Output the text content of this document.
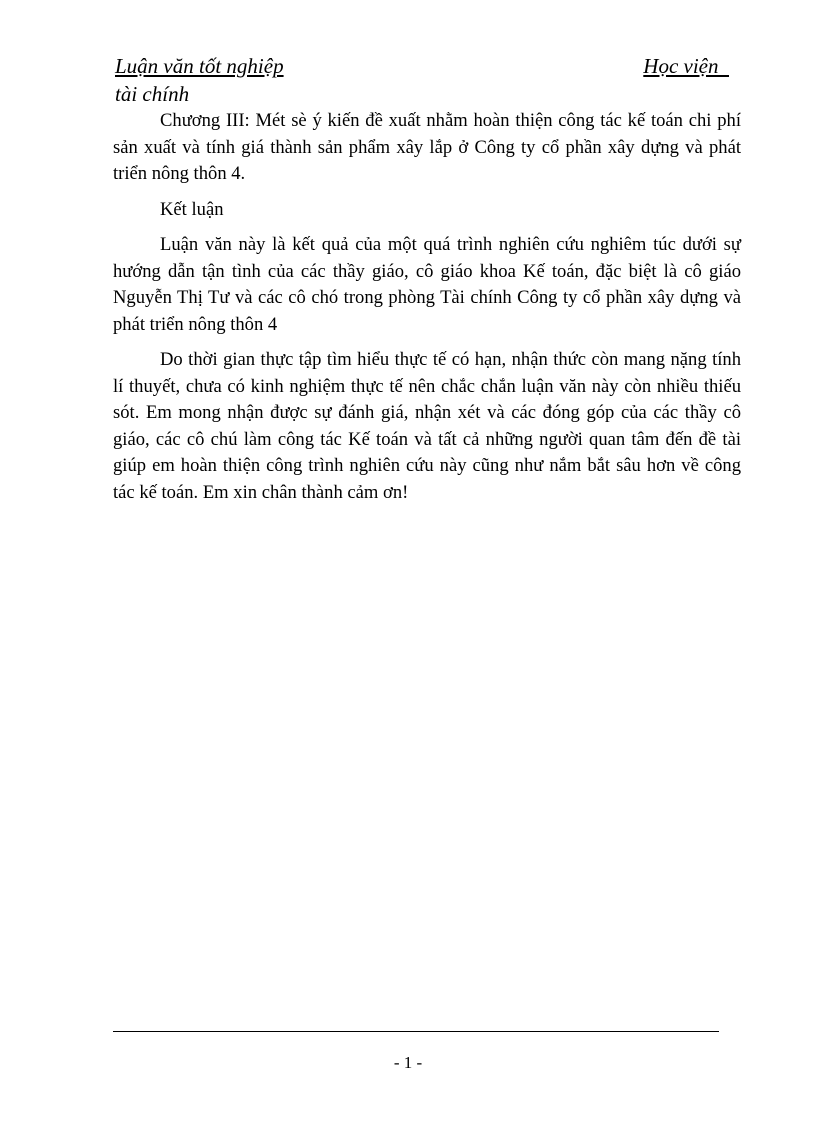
Luận văn tốt nghiệp	Học viện
tài chính

Chương III: Mét sè ý kiến đề xuất nhằm hoàn thiện công tác kế toán chi phí sản xuất và tính giá thành sản phẩm xây lắp ở Công ty cổ phần xây dựng và phát triển nông thôn 4.

Kết luận

Luận văn này là kết quả của một quá trình nghiên cứu nghiêm túc dưới sự hướng dẫn tận tình của các thầy giáo, cô giáo khoa Kế toán, đặc biệt là cô giáo Nguyễn Thị Tư và các cô chó trong phòng Tài chính Công ty cổ phần xây dựng và phát triển nông thôn 4

Do thời gian thực tập tìm hiểu thực tế có hạn, nhận thức còn mang nặng tính lí thuyết, chưa có kinh nghiệm thực tế nên chắc chắn luận văn này còn nhiều thiếu sót. Em mong nhận được sự đánh giá, nhận xét và các đóng góp của các thầy cô giáo, các cô chú làm công tác Kế toán và tất cả những người quan tâm đến đề tài giúp em hoàn thiện công trình nghiên cứu này cũng như nắm bắt sâu hơn về công tác kế toán. Em xin chân thành cảm ơn!

- 1 -
